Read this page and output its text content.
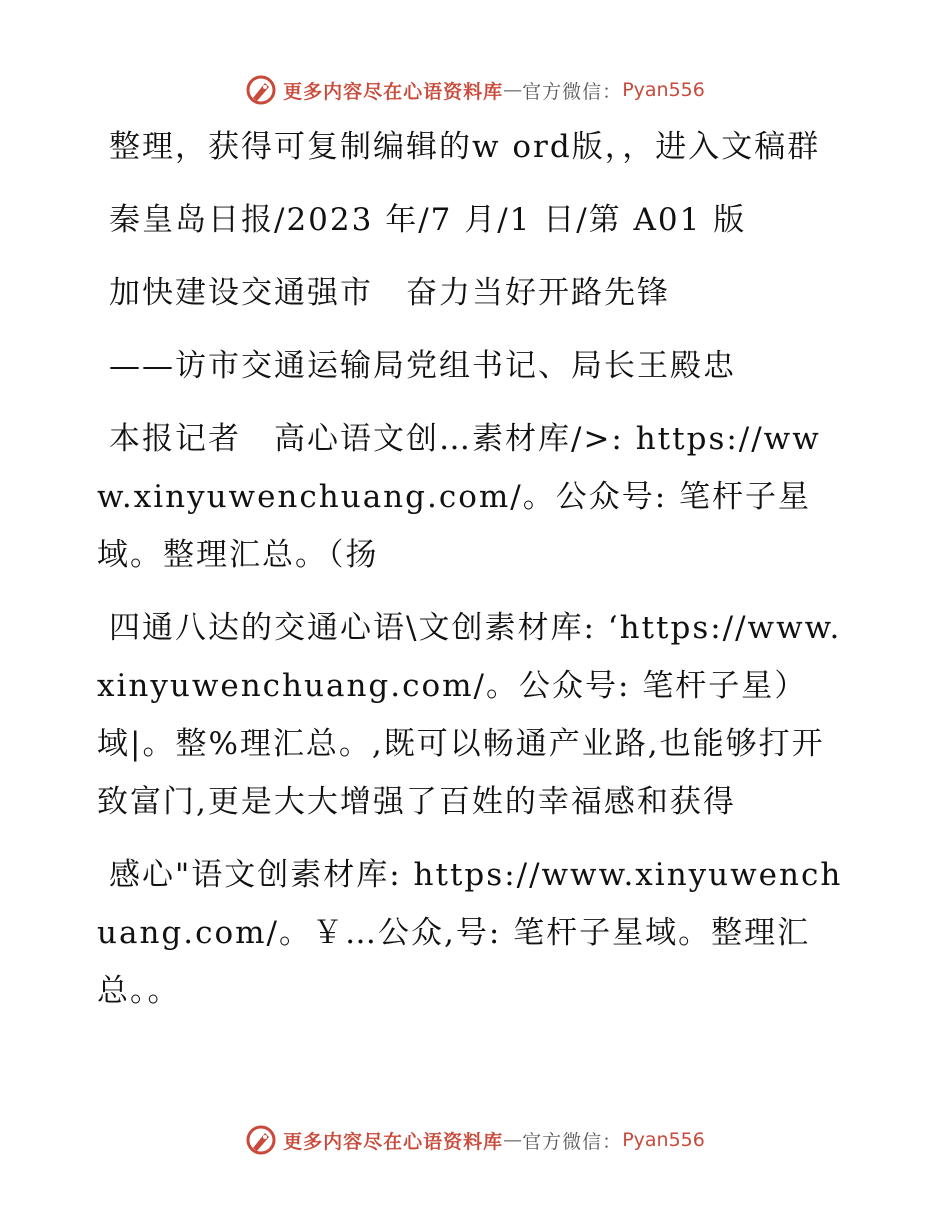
更多内容尽在心语资料库 — 官方微信： Pyan556

整理，获得可复制编辑的w ord版，，进入文稿群

秦皇岛日报/2023 年/7 月/1 日/第 A01 版

加快建设交通强市　奋力当好开路先锋

——访市交通运输局党组书记、局长王殿忠

本报记者　高心语文创…素材库/>: https://www.xinyuwenchuang.com/。公众号: 笔杆子星域。整理汇总。（扬

四通八达的交通心语\文创素材库: ‘https://www.xinyuwenchuang.com/。公众号: 笔杆子星）域|。整%理汇总。,既可以畅通产业路,也能够打开致富门,更是大大增强了百姓的幸福感和获得

感心"语文创素材库: https://www.xinyuwenchuang.com/。￥…公众,号: 笔杆子星域。整理汇总。。

更多内容尽在心语资料库 — 官方微信： Pyan556
